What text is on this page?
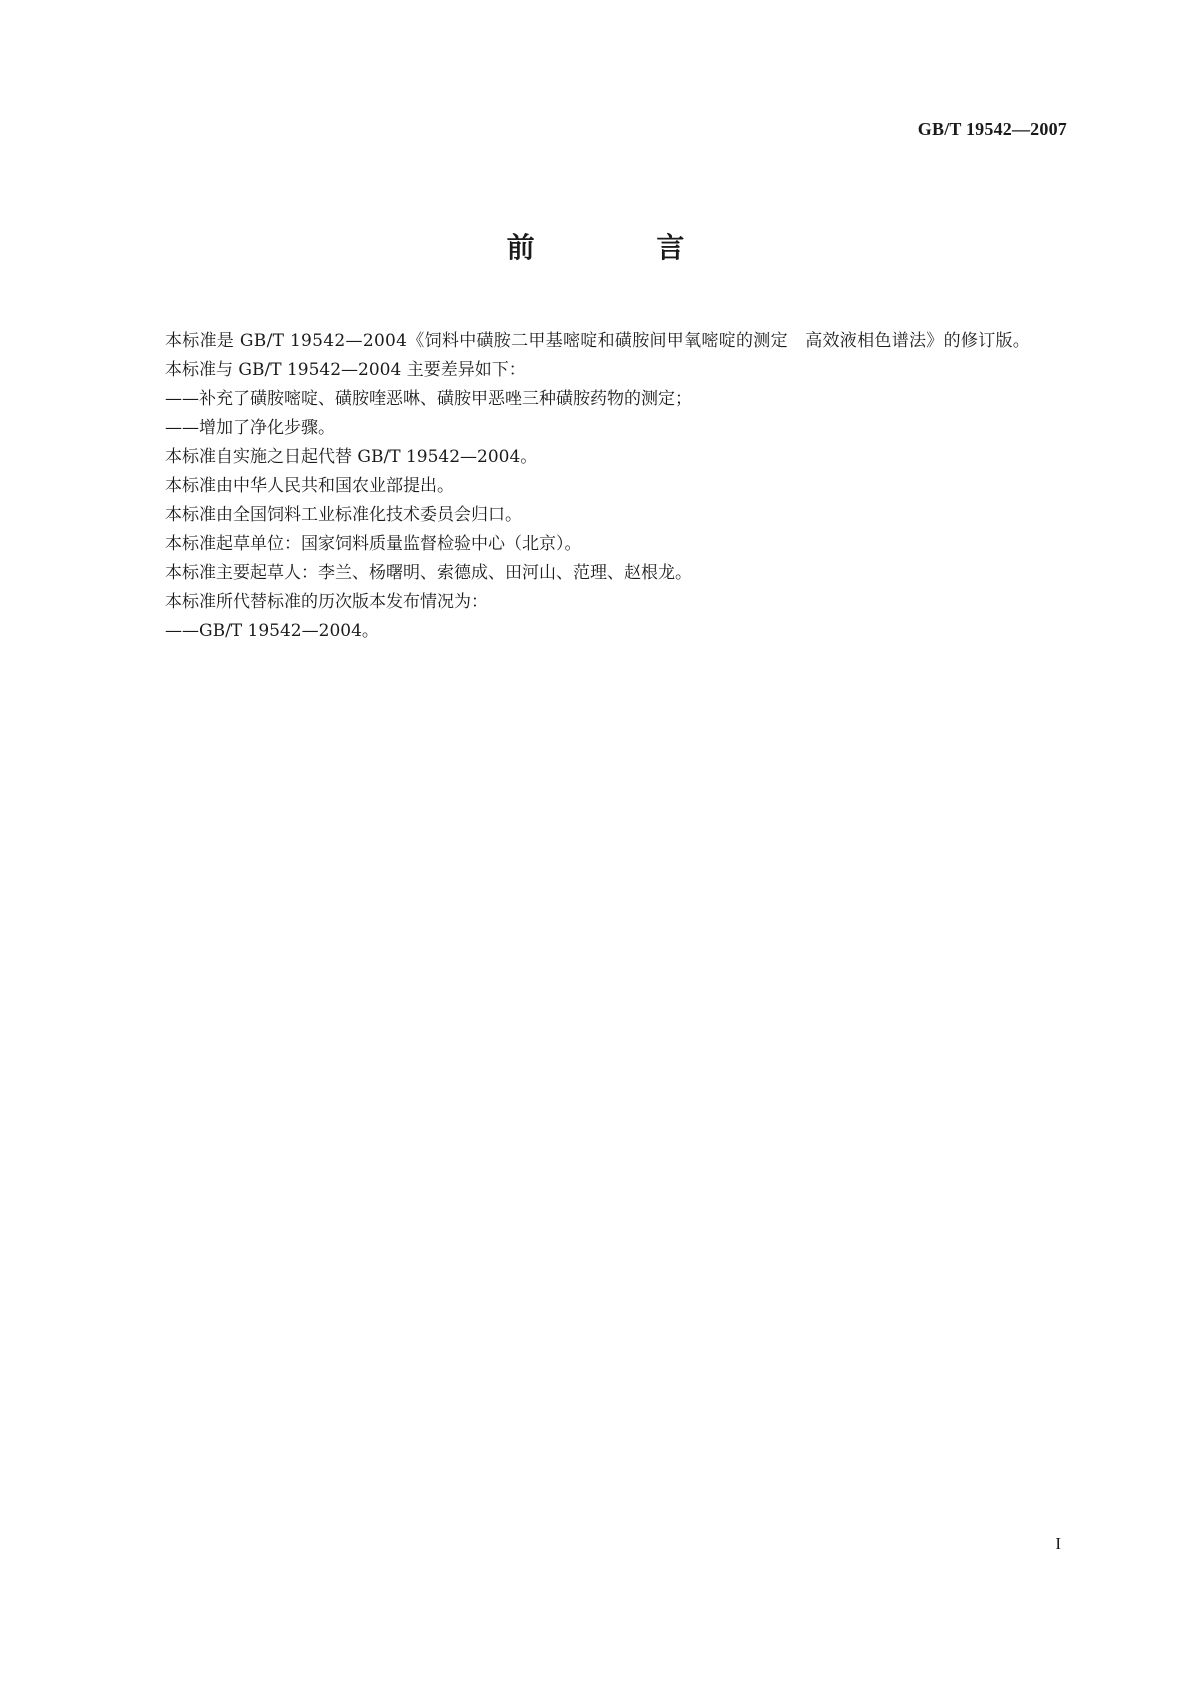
GB/T 19542—2007
前 言

本标准是 GB/T 19542—2004《饲料中磺胺二甲基嘧啶和磺胺间甲氧嘧啶的测定　高效液相色谱法》的修订版。

本标准与 GB/T 19542—2004 主要差异如下：

——补充了磺胺嘧啶、磺胺喹恶啉、磺胺甲恶唑三种磺胺药物的测定；

——增加了净化步骤。

本标准自实施之日起代替 GB/T 19542—2004。

本标准由中华人民共和国农业部提出。

本标准由全国饲料工业标准化技术委员会归口。

本标准起草单位：国家饲料质量监督检验中心（北京）。

本标准主要起草人：李兰、杨曙明、索德成、田河山、范理、赵根龙。

本标准所代替标准的历次版本发布情况为：

——GB/T 19542—2004。

I
